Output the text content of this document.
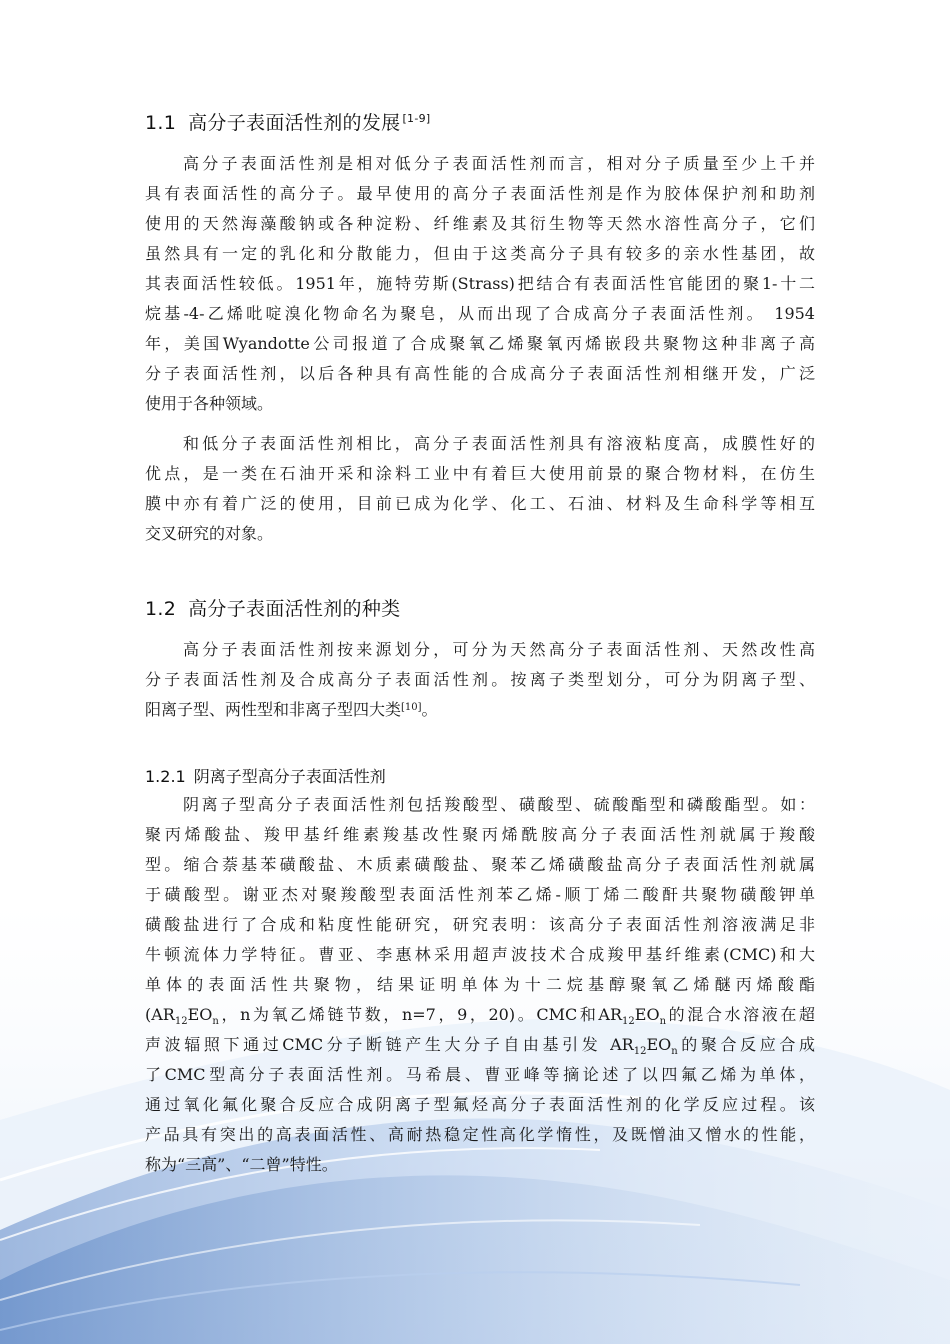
1.1 高分子表面活性剂的发展 [1-9]
高分子表面活性剂是相对低分子表面活性剂而言，相对分子质量至少上千并
具有表面活性的高分子。最早使用的高分子表面活性剂是作为胶体保护剂和助剂
使用的天然海藻酸钠或各种淀粉、纤维素及其衍生物等天然水溶性高分子，它们
虽然具有一定的乳化和分散能力，但由于这类高分子具有较多的亲水性基团，故
其表面活性较低。1951年，施特劳斯(Strass)把结合有表面活性官能团的聚1-十二
烷基-4-乙烯吡啶溴化物命名为聚皂，从而出现了合成高分子表面活性剂。 1954
年，美国Wyandotte公司报道了合成聚氧乙烯聚氧丙烯嵌段共聚物这种非离子高
分子表面活性剂，以后各种具有高性能的合成高分子表面活性剂相继开发，广泛
使用于各种领域。
和低分子表面活性剂相比，高分子表面活性剂具有溶液粘度高，成膜性好的
优点，是一类在石油开采和涂料工业中有着巨大使用前景的聚合物材料，在仿生
膜中亦有着广泛的使用，目前已成为化学、化工、石油、材料及生命科学等相互
交叉研究的对象。
1.2 高分子表面活性剂的种类
高分子表面活性剂按来源划分，可分为天然高分子表面活性剂、天然改性高
分子表面活性剂及合成高分子表面活性剂。按离子类型划分，可分为阴离子型、
阳离子型、两性型和非离子型四大类[10]。
1.2.1 阴离子型高分子表面活性剂
阴离子型高分子表面活性剂包括羧酸型、磺酸型、硫酸酯型和磷酸酯型。如：
聚丙烯酸盐、羧甲基纤维素羧基改性聚丙烯酰胺高分子表面活性剂就属于羧酸
型。缩合萘基苯磺酸盐、木质素磺酸盐、聚苯乙烯磺酸盐高分子表面活性剂就属
于磺酸型。谢亚杰对聚羧酸型表面活性剂苯乙烯-顺丁烯二酸酐共聚物磺酸钾单
磺酸盐进行了合成和粘度性能研究，研究表明：该高分子表面活性剂溶液满足非
牛顿流体力学特征。曹亚、李惠林采用超声波技术合成羧甲基纤维素(CMC)和大
单体的表面活性共聚物，结果证明单体为十二烷基醇聚氧乙烯醚丙烯酸酯
($AR_{12}EO_n$，n为氧乙烯链节数，n=7，9，20)。CMC和$AR_{12}EO_n$的混合水溶液在超
声波辐照下通过CMC分子断链产生大分子自由基引发 $AR_{12}EO_n$的聚合反应合成
了CMC型高分子表面活性剂。马希晨、曹亚峰等摘论述了以四氟乙烯为单体，
通过氧化氟化聚合反应合成阴离子型氟烃高分子表面活性剂的化学反应过程。该
产品具有突出的高表面活性、高耐热稳定性高化学惰性，及既憎油又憎水的性能，
称为“三高”、“二曾”特性。
